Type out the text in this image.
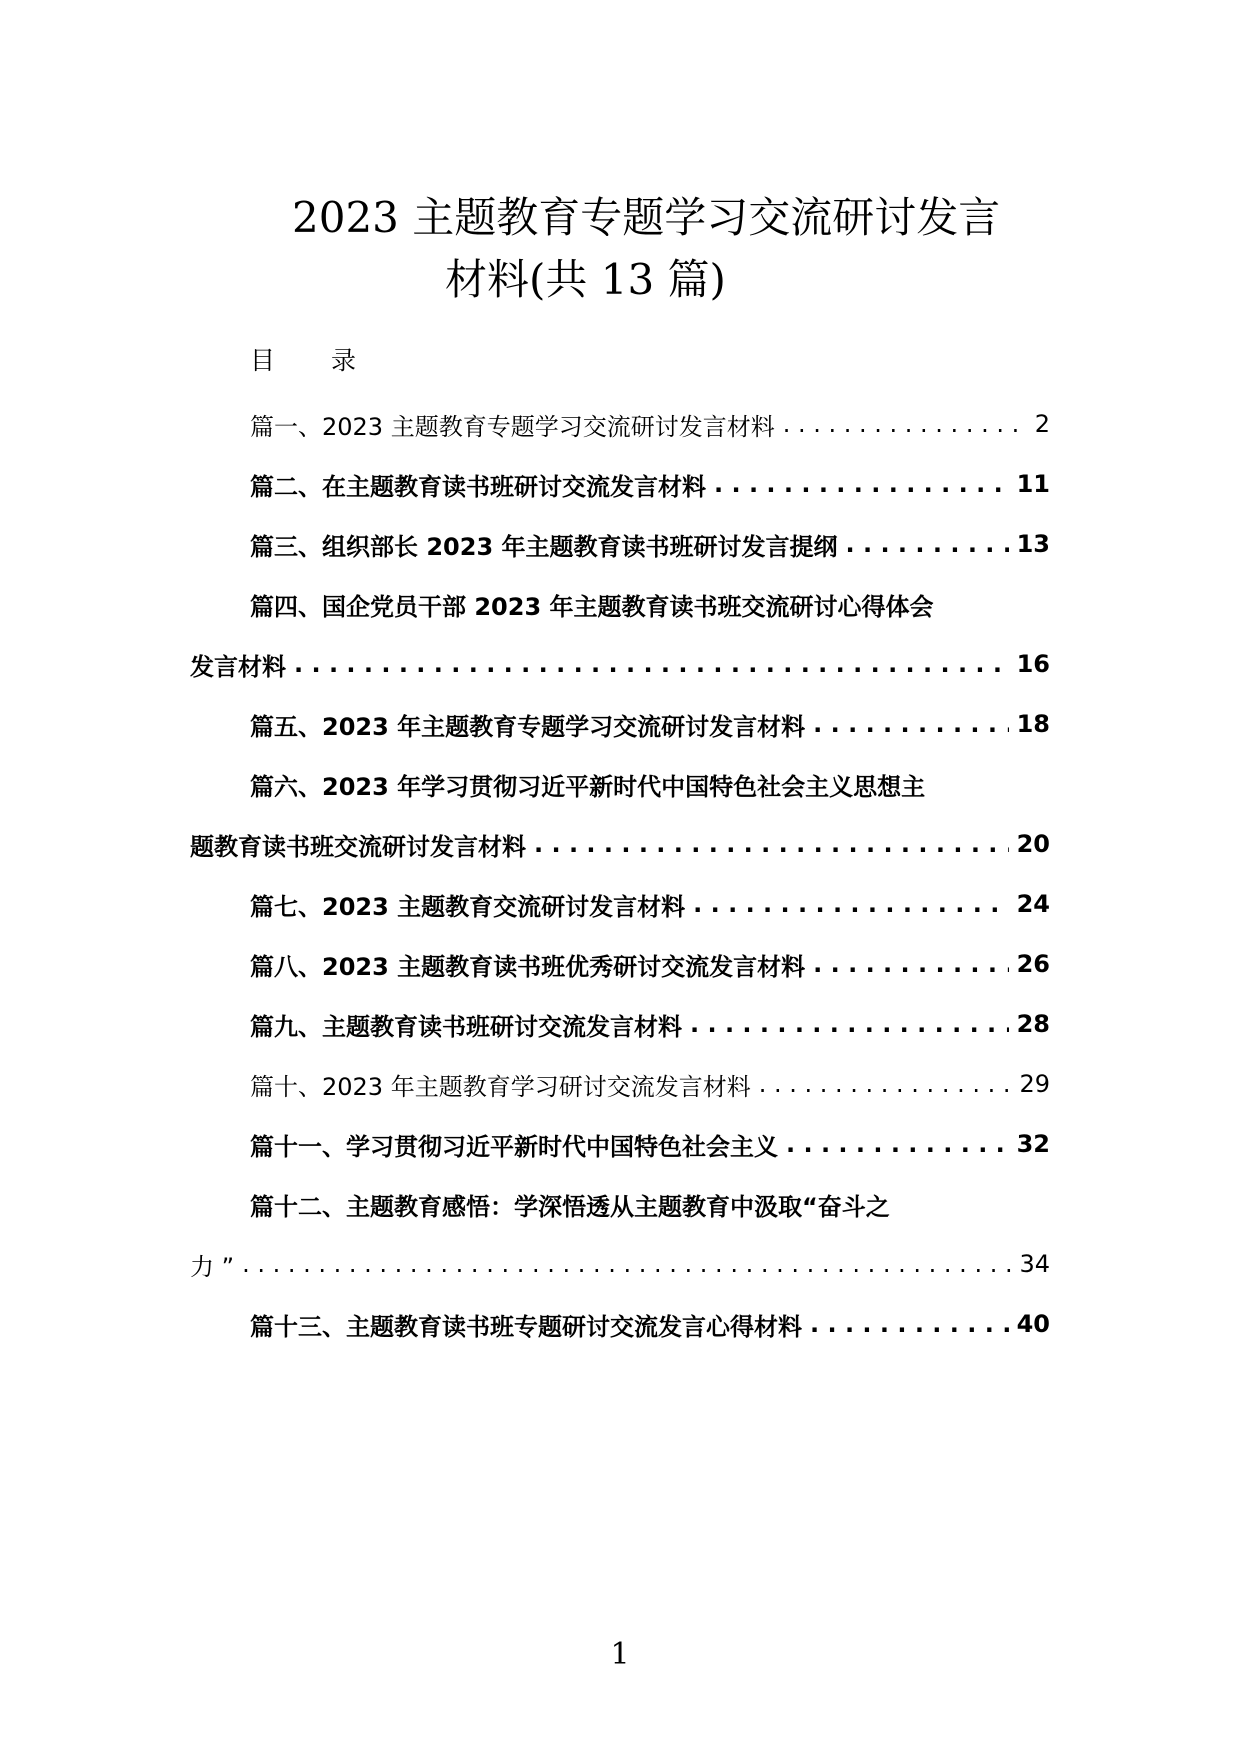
2023 主题教育专题学习交流研讨发言
材料(共 13 篇)
目 录
篇一、2023 主题教育专题学习交流研讨发言材料 . . .	2
篇二、在主题教育读书班研讨交流发言材料 . . .	11
篇三、组织部长 2023 年主题教育读书班研讨发言提纲 . . .	13
篇四、国企党员干部 2023 年主题教育读书班交流研讨心得体会
发言材料 . . .	16
篇五、2023 年主题教育专题学习交流研讨发言材料 . . .	18
篇六、2023 年学习贯彻习近平新时代中国特色社会主义思想主
题教育读书班交流研讨发言材料 . . .	20
篇七、2023 主题教育交流研讨发言材料 . . .	24
篇八、2023 主题教育读书班优秀研讨交流发言材料 . . .	26
篇九、主题教育读书班研讨交流发言材料 . . .	28
篇十、2023 年主题教育学习研讨交流发言材料 . . .	29
篇十一、学习贯彻习近平新时代中国特色社会主义 . . .	32
篇十二、主题教育感悟：学深悟透从主题教育中汲取“奋斗之
力 ” . . .	34
篇十三、主题教育读书班专题研讨交流发言心得材料 . . .	40
1
